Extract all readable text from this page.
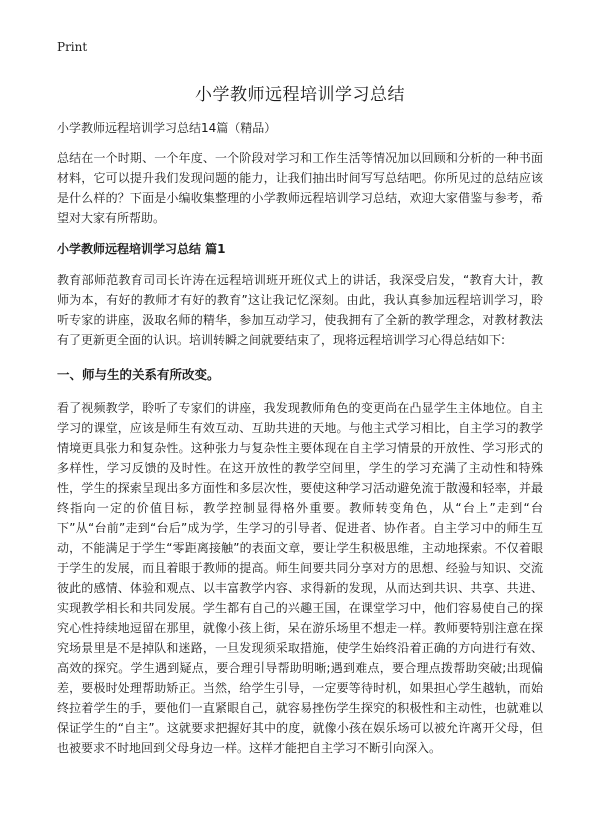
Print
小学教师远程培训学习总结
小学教师远程培训学习总结14篇（精品）

总结在一个时期、一个年度、一个阶段对学习和工作生活等情况加以回顾和分析的一种书面材料，它可以提升我们发现问题的能力，让我们抽出时间写写总结吧。你所见过的总结应该是什么样的？下面是小编收集整理的小学教师远程培训学习总结，欢迎大家借鉴与参考，希望对大家有所帮助。

小学教师远程培训学习总结 篇1

教育部师范教育司司长许涛在远程培训班开班仪式上的讲话，我深受启发，“教育大计，教师为本，有好的教师才有好的教育”这让我记忆深刻。由此，我认真参加远程培训学习，聆听专家的讲座，汲取名师的精华，参加互动学习，使我拥有了全新的教学理念，对教材教法有了更新更全面的认识。培训转瞬之间就要结束了，现将远程培训学习心得总结如下:

一、师与生的关系有所改变。

看了视频教学，聆听了专家们的讲座，我发现教师角色的变更尚在凸显学生主体地位。自主学习的课堂，应该是师生有效互动、互助共进的天地。与他主式学习相比，自主学习的教学情境更具张力和复杂性。这种张力与复杂性主要体现在自主学习情景的开放性、学习形式的多样性，学习反馈的及时性。在这开放性的教学空间里，学生的学习充满了主动性和特殊性，学生的探索呈现出多方面性和多层次性，要使这种学习活动避免流于散漫和轻率，并最终指向一定的价值目标，教学控制显得格外重要。教师转变角色，从“台上”走到“台下”从“台前”走到“台后”成为学，生学习的引导者、促进者、协作者。自主学习中的师生互动，不能满足于学生“零距离接触”的表面文章，要让学生积极思维，主动地探索。不仅着眼于学生的发展，而且着眼于教师的提高。师生间要共同分享对方的思想、经验与知识、交流彼此的感情、体验和观点、以丰富教学内容、求得新的发现，从而达到共识、共享、共进、实现教学相长和共同发展。学生都有自己的兴趣王国，在课堂学习中，他们容易使自己的探究心性持续地逗留在那里，就像小孩上街，呆在游乐场里不想走一样。教师要特别注意在探究场景里是不是掉队和迷路，一旦发现须采取措施，使学生始终沿着正确的方向进行有效、高效的探究。学生遇到疑点，要合理引导帮助明晰;遇到难点，要合理点拨帮助突破;出现偏差，要极时处理帮助矫正。当然，给学生引导，一定要等待时机，如果担心学生越轨，而始终拉着学生的手，要他们一直紧眼自己，就容易挫伤学生探究的积极性和主动性，也就难以保证学生的“自主”。这就要求把握好其中的度，就像小孩在娱乐场可以被允许离开父母，但也被要求不时地回到父母身边一样。这样才能把自主学习不断引向深入。
